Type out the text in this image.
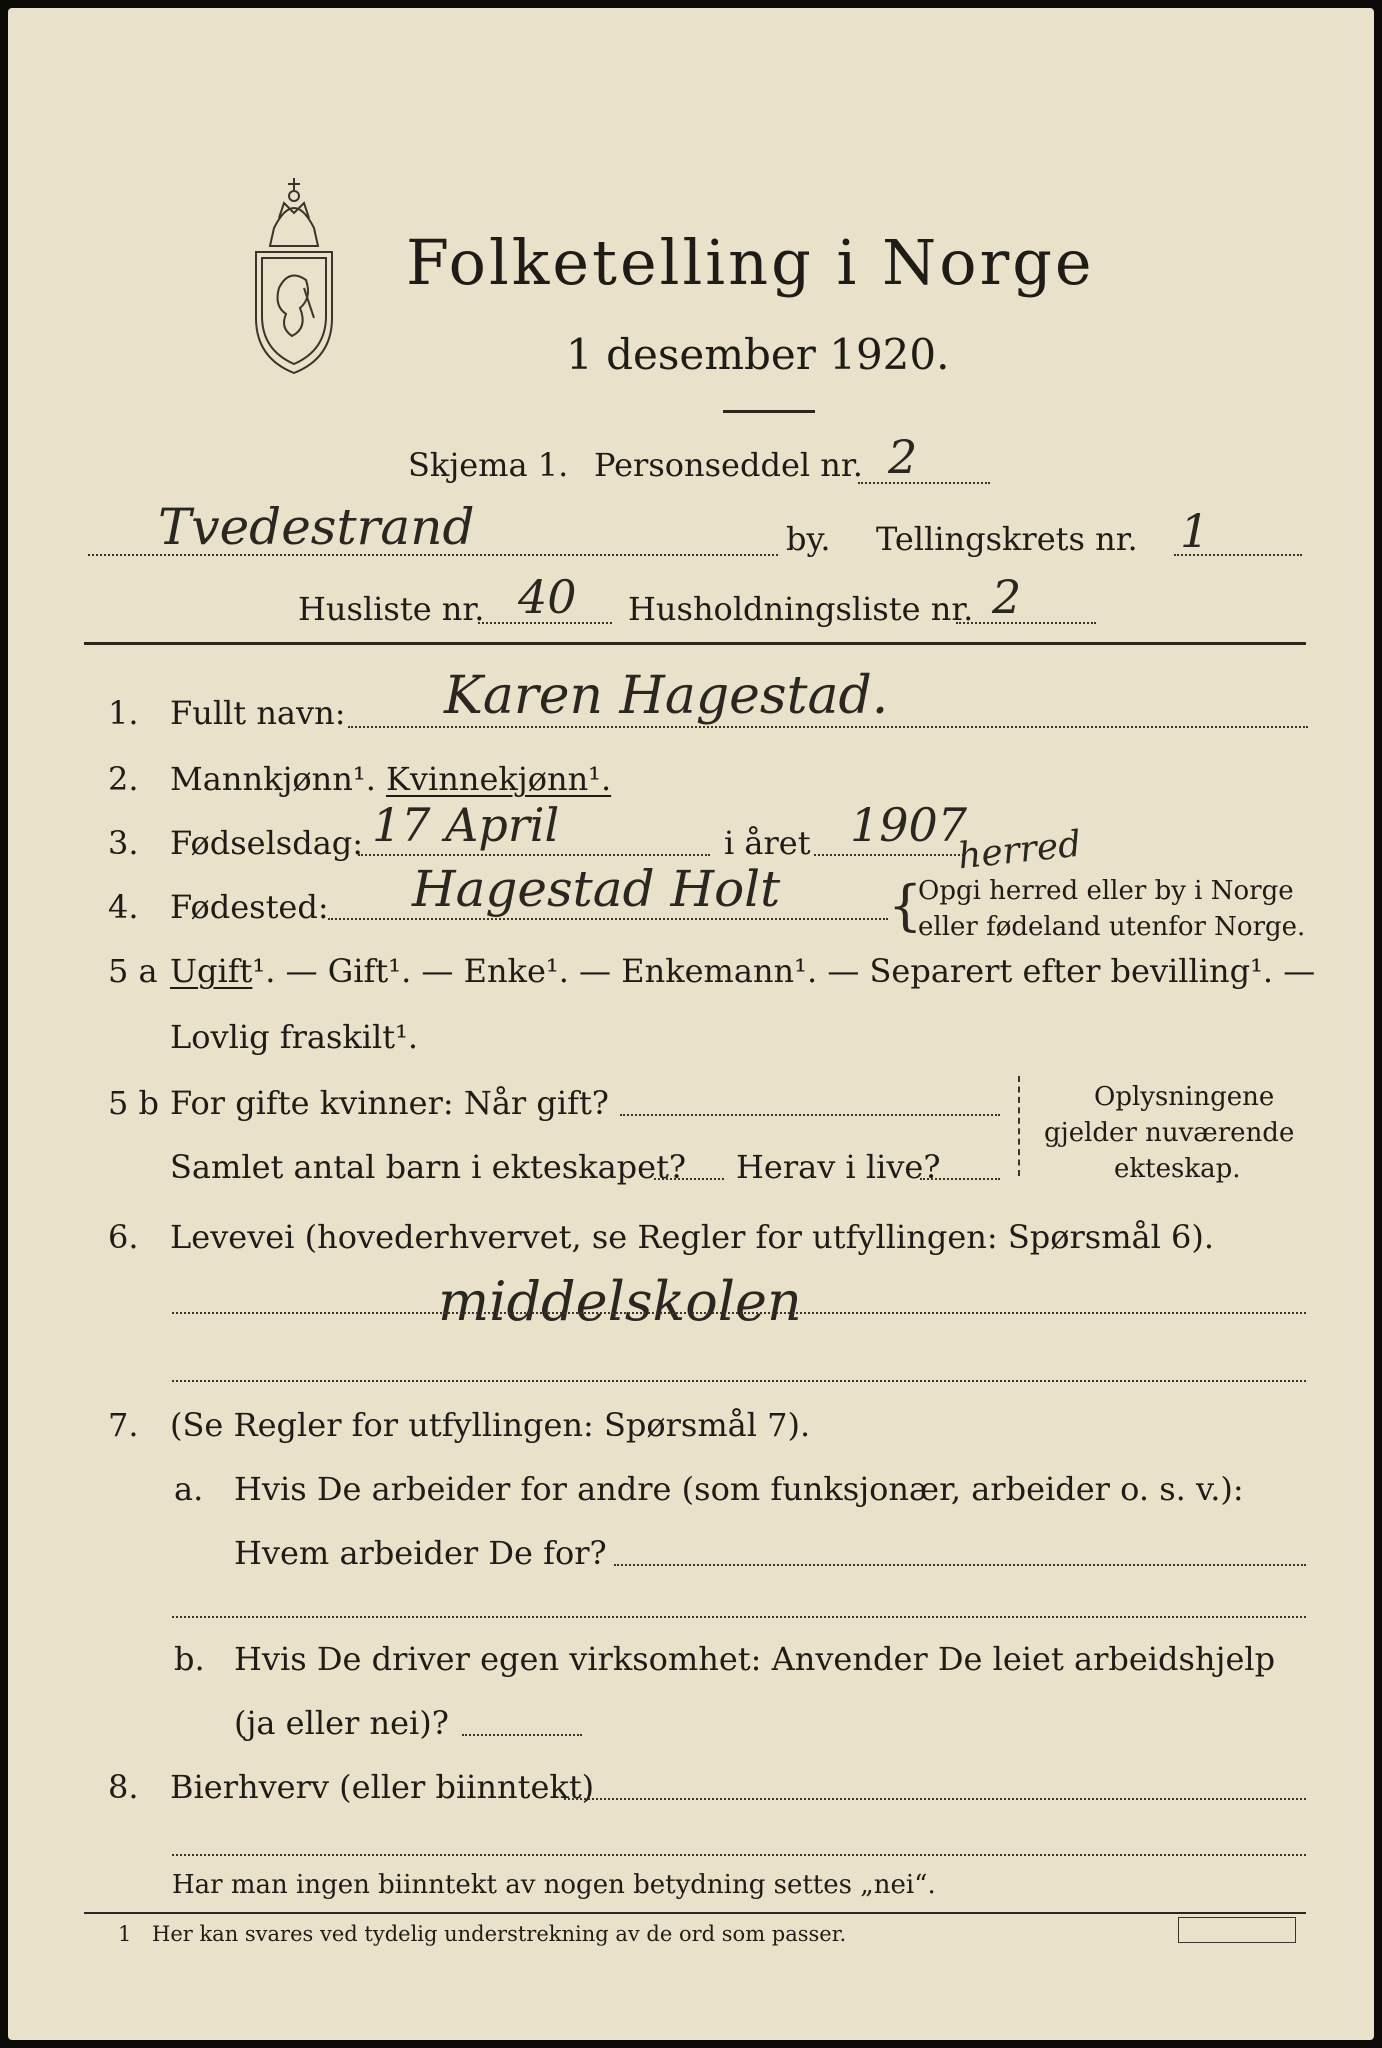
Folketelling i Norge
1 desember 1920.
Skjema 1. Personseddel nr. 2
Tvedestrand	by. Tellingskrets nr. 1
Husliste nr. 40 Husholdningsliste nr. 2
1. Fullt navn: Karen Hagestad.
2. Mannkjønn¹. Kvinnekjønn¹.
3. Fødselsdag: 17 April	i året 1907
4. Fødested: Hagestad Holt
herred
{
Opgi herred eller by i Norge
eller fødeland utenfor Norge.
5 a Ugift¹. — Gift¹. — Enke¹. — Enkemann¹. — Separert efter bevilling¹. —
Lovlig fraskilt¹.
5 b For gifte kvinner: Når gift?
Samlet antal barn i ekteskapet? Herav i live?
Oplysningene
gjelder nuværende
ekteskap.
6. Levevei (hovederhvervet, se Regler for utfyllingen: Spørsmål 6).
middelskolen
7. (Se Regler for utfyllingen: Spørsmål 7).
a. Hvis De arbeider for andre (som funksjonær, arbeider o. s. v.):
Hvem arbeider De for?
b. Hvis De driver egen virksomhet: Anvender De leiet arbeidshjelp
(ja eller nei)?
8. Bierhverv (eller biinntekt)
Har man ingen biinntekt av nogen betydning settes „nei“.
1 Her kan svares ved tydelig understrekning av de ord som passer.
